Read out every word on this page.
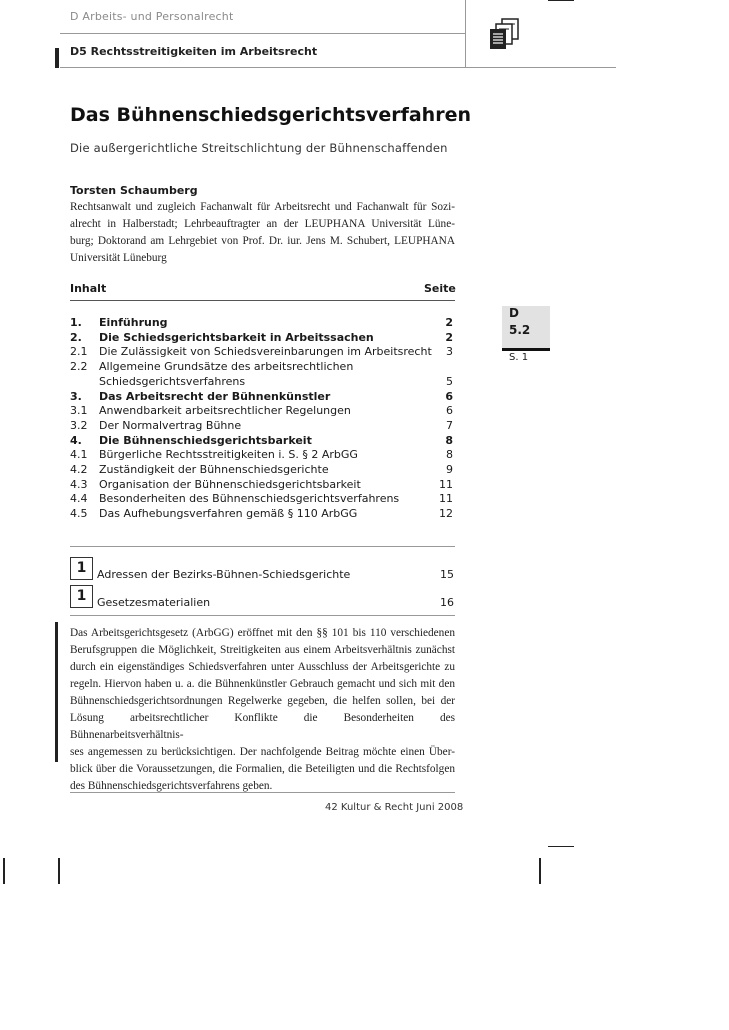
D Arbeits- und Personalrecht
D5 Rechtsstreitigkeiten im Arbeitsrecht
Das Bühnenschiedsgerichtsverfahren
Die außergerichtliche Streitschlichtung der Bühnenschaffenden
Torsten Schaumberg
Rechtsanwalt und zugleich Fachanwalt für Arbeitsrecht und Fachanwalt für Sozi-
alrecht in Halberstadt; Lehrbeauftragter an der LEUPHANA Universität Lüne-
burg; Doktorand am Lehrgebiet von Prof. Dr. iur. Jens M. Schubert, LEUPHANA
Universität Lüneburg
Inhalt	Seite
1. Einführung	2
2. Die Schiedsgerichtsbarkeit in Arbeitssachen	2
2.1 Die Zulässigkeit von Schiedsvereinbarungen im Arbeitsrecht 3
2.2 Allgemeine Grundsätze des arbeitsrechtlichen
Schiedsgerichtsverfahrens	5
3. Das Arbeitsrecht der Bühnenkünstler	6
3.1 Anwendbarkeit arbeitsrechtlicher Regelungen	6
3.2 Der Normalvertrag Bühne	7
4. Die Bühnenschiedsgerichtsbarkeit	8
4.1 Bürgerliche Rechtsstreitigkeiten i. S. § 2 ArbGG	8
4.2 Zuständigkeit der Bühnenschiedsgerichte	9
4.3 Organisation der Bühnenschiedsgerichtsbarkeit	11
4.4 Besonderheiten des Bühnenschiedsgerichtsverfahrens	11
4.5 Das Aufhebungsverfahren gemäß § 110 ArbGG	12
D
5.2
S. 1
1 Adressen der Bezirks-Bühnen-Schiedsgerichte	15
1 Gesetzesmaterialien	16
Das Arbeitsgerichtsgesetz (ArbGG) eröffnet mit den §§ 101 bis 110 verschiedenen
Berufsgruppen die Möglichkeit, Streitigkeiten aus einem Arbeitsverhältnis zunächst
durch ein eigenständiges Schiedsverfahren unter Ausschluss der Arbeitsgerichte zu
regeln. Hiervon haben u. a. die Bühnenkünstler Gebrauch gemacht und sich mit den
Bühnenschiedsgerichtsordnungen Regelwerke gegeben, die helfen sollen, bei der
Lösung arbeitsrechtlicher Konflikte die Besonderheiten des Bühnenarbeitsverhältnis-
ses angemessen zu berücksichtigen. Der nachfolgende Beitrag möchte einen Über-
blick über die Voraussetzungen, die Formalien, die Beteiligten und die Rechtsfolgen
des Bühnenschiedsgerichtsverfahrens geben.
42 Kultur & Recht Juni 2008
